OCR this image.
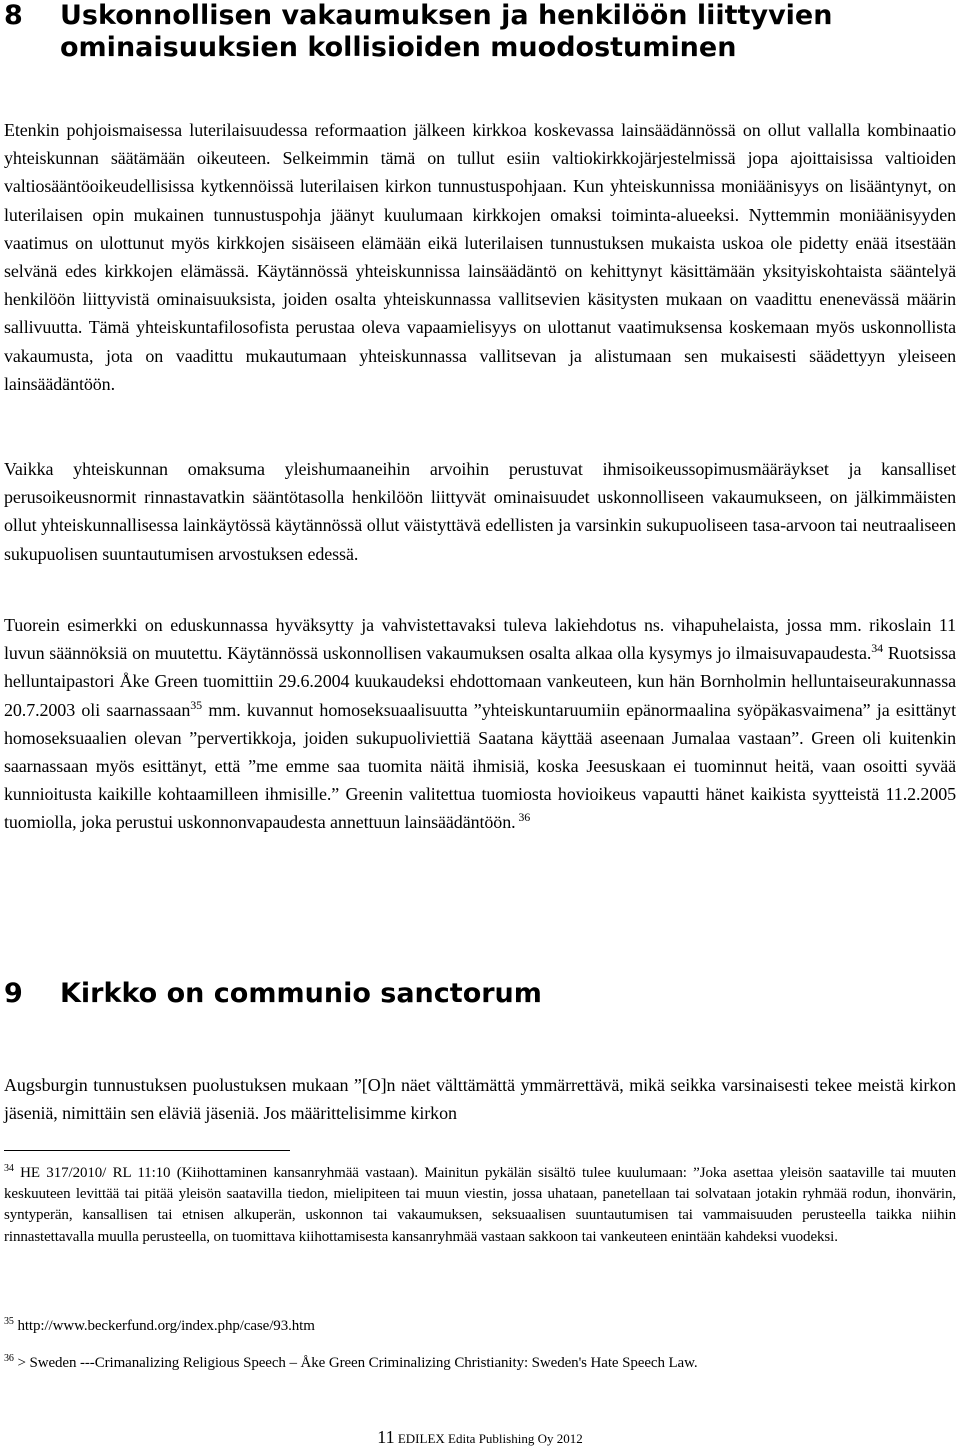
8	Uskonnollisen vakaumuksen ja henkilöön liittyvien ominaisuuksien kollisioiden muodostuminen

Etenkin pohjoismaisessa luterilaisuudessa reformaation jälkeen kirkkoa koskevassa lainsäädännössä on ollut vallalla kombinaatio yhteiskunnan säätämään oikeuteen. Selkeimmin tämä on tullut esiin valtiokirkkojärjestelmissä jopa ajoittaisissa valtioiden valtiosääntöoikeudellisissa kytkennöissä luterilaisen kirkon tunnustuspohjaan. Kun yhteiskunnissa moniäänisyys on lisääntynyt, on luterilaisen opin mukainen tunnustuspohja jäänyt kuulumaan kirkkojen omaksi toiminta-alueeksi. Nyttemmin moniäänisyyden vaatimus on ulottunut myös kirkkojen sisäiseen elämään eikä luterilaisen tunnustuksen mukaista uskoa ole pidetty enää itsestään selvänä edes kirkkojen elämässä. Käytännössä yhteiskunnissa lainsäädäntö on kehittynyt käsittämään yksityiskohtaista sääntelyä henkilöön liittyvistä ominaisuuksista, joiden osalta yhteiskunnassa vallitsevien käsitysten mukaan on vaadittu enenevässä määrin sallivuutta. Tämä yhteiskuntafilosofista perustaa oleva vapaamielisyys on ulottanut vaatimuksensa koskemaan myös uskonnollista vakaumusta, jota on vaadittu mukautumaan yhteiskunnassa vallitsevan ja alistumaan sen mukaisesti säädettyyn yleiseen lainsäädäntöön.

Vaikka yhteiskunnan omaksuma yleishumaaneihin arvoihin perustuvat ihmisoikeussopimusmääräykset ja kansalliset perusoikeusnormit rinnastavatkin sääntötasolla henkilöön liittyvät ominaisuudet uskonnolliseen vakaumukseen, on jälkimmäisten ollut yhteiskunnallisessa lainkäytössä käytännössä ollut väistyttävä edellisten ja varsinkin sukupuoliseen tasa-arvoon tai neutraaliseen sukupuolisen suuntautumisen arvostuksen edessä.

Tuorein esimerkki on eduskunnassa hyväksytty ja vahvistettavaksi tuleva lakiehdotus ns. vihapuhelaista, jossa mm. rikoslain 11 luvun säännöksiä on muutettu. Käytännössä uskonnollisen vakaumuksen osalta alkaa olla kysymys jo ilmaisuvapaudesta.$^{34}$ Ruotsissa helluntaipastori Åke Green tuomittiin 29.6.2004 kuukaudeksi ehdottomaan vankeuteen, kun hän Bornholmin helluntaiseurakunnassa 20.7.2003 oli saarnassaan$^{35}$ mm. kuvannut homoseksuaalisuutta ”yhteiskuntaruumiin epänormaalina syöpäkasvaimena” ja esittänyt homoseksuaalien olevan ”pervertikkoja, joiden sukupuoliviettiä Saatana käyttää aseenaan Jumalaa vastaan”. Green oli kuitenkin saarnassaan myös esittänyt, että ”me emme saa tuomita näitä ihmisiä, koska Jeesuskaan ei tuominnut heitä, vaan osoitti syvää kunnioitusta kaikille kohtaamilleen ihmisille.” Greenin valitettua tuomiosta hovioikeus vapautti hänet kaikista syytteistä 11.2.2005 tuomiolla, joka perustui uskonnonvapaudesta annettuun lainsäädäntöön. $^{36}$

9	Kirkko on communio sanctorum

Augsburgin tunnustuksen puolustuksen mukaan ”[O]n näet välttämättä ymmärrettävä, mikä seikka varsinaisesti tekee meistä kirkon jäseniä, nimittäin sen eläviä jäseniä. Jos määrittelisimme kirkon

$^{34}$ HE 317/2010/ RL 11:10 (Kiihottaminen kansanryhmää vastaan). Mainitun pykälän sisältö tulee kuulumaan: ”Joka asettaa yleisön saataville tai muuten keskuuteen levittää tai pitää yleisön saatavilla tiedon, mielipiteen tai muun viestin, jossa uhataan, panetellaan tai solvataan jotakin ryhmää rodun, ihonvärin, syntyperän, kansallisen tai etnisen alkuperän, uskonnon tai vakaumuksen, seksuaalisen suuntautumisen tai vammaisuuden perusteella taikka niihin rinnastettavalla muulla perusteella, on tuomittava kiihottamisesta kansanryhmää vastaan sakkoon tai vankeuteen enintään kahdeksi vuodeksi.

$^{35}$ http://www.beckerfund.org/index.php/case/93.htm

$^{36}$ > Sweden ---Crimanalizing Religious Speech – Åke Green Criminalizing Christianity: Sweden's Hate Speech Law.

11 EDILEX Edita Publishing Oy 2012
